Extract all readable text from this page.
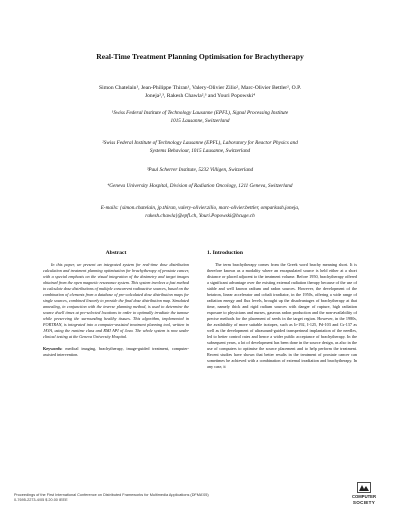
Real-Time Treatment Planning Optimisation for Brachytherapy
Simon Chatelain¹, Jean-Philippe Thiran¹, Valery-Olivier Zilio², Marc-Olivier Bettler², O.P.
Joneja²,³, Rakesh Chawla²,³ and Youri Popowski⁴
¹Swiss Federal Institute of Technology Lausanne (EPFL), Signal Processing Institute
1015 Lausanne, Switzerland
²Swiss Federal Institute of Technology Lausanne (EPFL), Laboratory for Reactor Physics and
Systems Behaviour, 1015 Lausanne, Switzerland
³Paul Scherrer Institute, 5232 Villigen, Switzerland
⁴Geneva University Hospital, Division of Radiation Oncology, 1211 Geneva, Switzerland
E-mails: {simon.chatelain, jp.thiran, valery-olivier.zilio, marc-olivier.bettler, omparkash.joneja,
rakesh.chawla}@epfl.ch, Youri.Popowski@hcuge.ch
Abstract

In this paper, we present an integrated system for real-time dose distribution calculation and treatment planning optimisation for brachytherapy of prostate cancer, with a special emphasis on the visual integration of the dosimetry and target images obtained from the open magnetic resonance system. This system involves a fast method to calculate dose distributions of multiple concurrent radioactive sources, based on the combination of elements from a database of pre-calculated dose distribution maps for single sources, combined linearly to provide the final dose distribution map. Simulated annealing, in conjunction with the inverse planning method, is used to determine the source dwell times at pre-selected locations in order to optimally irradiate the tumour while preserving the surrounding healthy tissues. This algorithm, implemented in FORTRAN, is integrated into a computer-assisted treatment planning tool, written in JAVA, using the runtime class and RMI API of Java. The whole system is now under clinical testing at the Geneva University Hospital.

Keywords: medical imaging, brachytherapy, image-guided treatment, computer-assisted intervention.
1. Introduction

The term brachytherapy comes from the Greek word brachy meaning short. It is therefore known as a modality where an encapsulated source is held either at a short distance or placed adjacent to the treatment volume. Before 1950, brachytherapy offered a significant advantage over the existing external radiation therapy because of the use of stable and well known radium and radon sources. However, the development of the betatron, linear accelerator and cobalt irradiator, in the 1950s, offering a wide range of radiation energy and flux levels, brought up the disadvantages of brachytherapy at that time, namely thick and rigid radium sources with danger of rupture, high radiation exposure to physicians and nurses, gaseous radon production and the non-availability of precise methods for the placement of seeds in the target region. However, in the 1980s, the availability of more suitable isotopes, such as Ir-192, I-125, Pd-103 and Cs-137 as well as the development of ultrasound-guided transperineal implantation of the needles, led to better control rates and hence a wider public acceptance of brachytherapy. In the subsequent years, a lot of development has been done in the source design, as also in the use of computers to optimise the source placement and to help perform the treatment. Recent studies have shown that better results in the treatment of prostate cancer can sometimes be achieved with a combination of external irradiation and brachytherapy. In any case, it

Proceedings of the First International Conference on Distributed Frameworks for Multimedia Applications (DFMA'05)
0-7695-2273-4/05 $ 20.00 IEEE
COMPUTER
SOCIETY
